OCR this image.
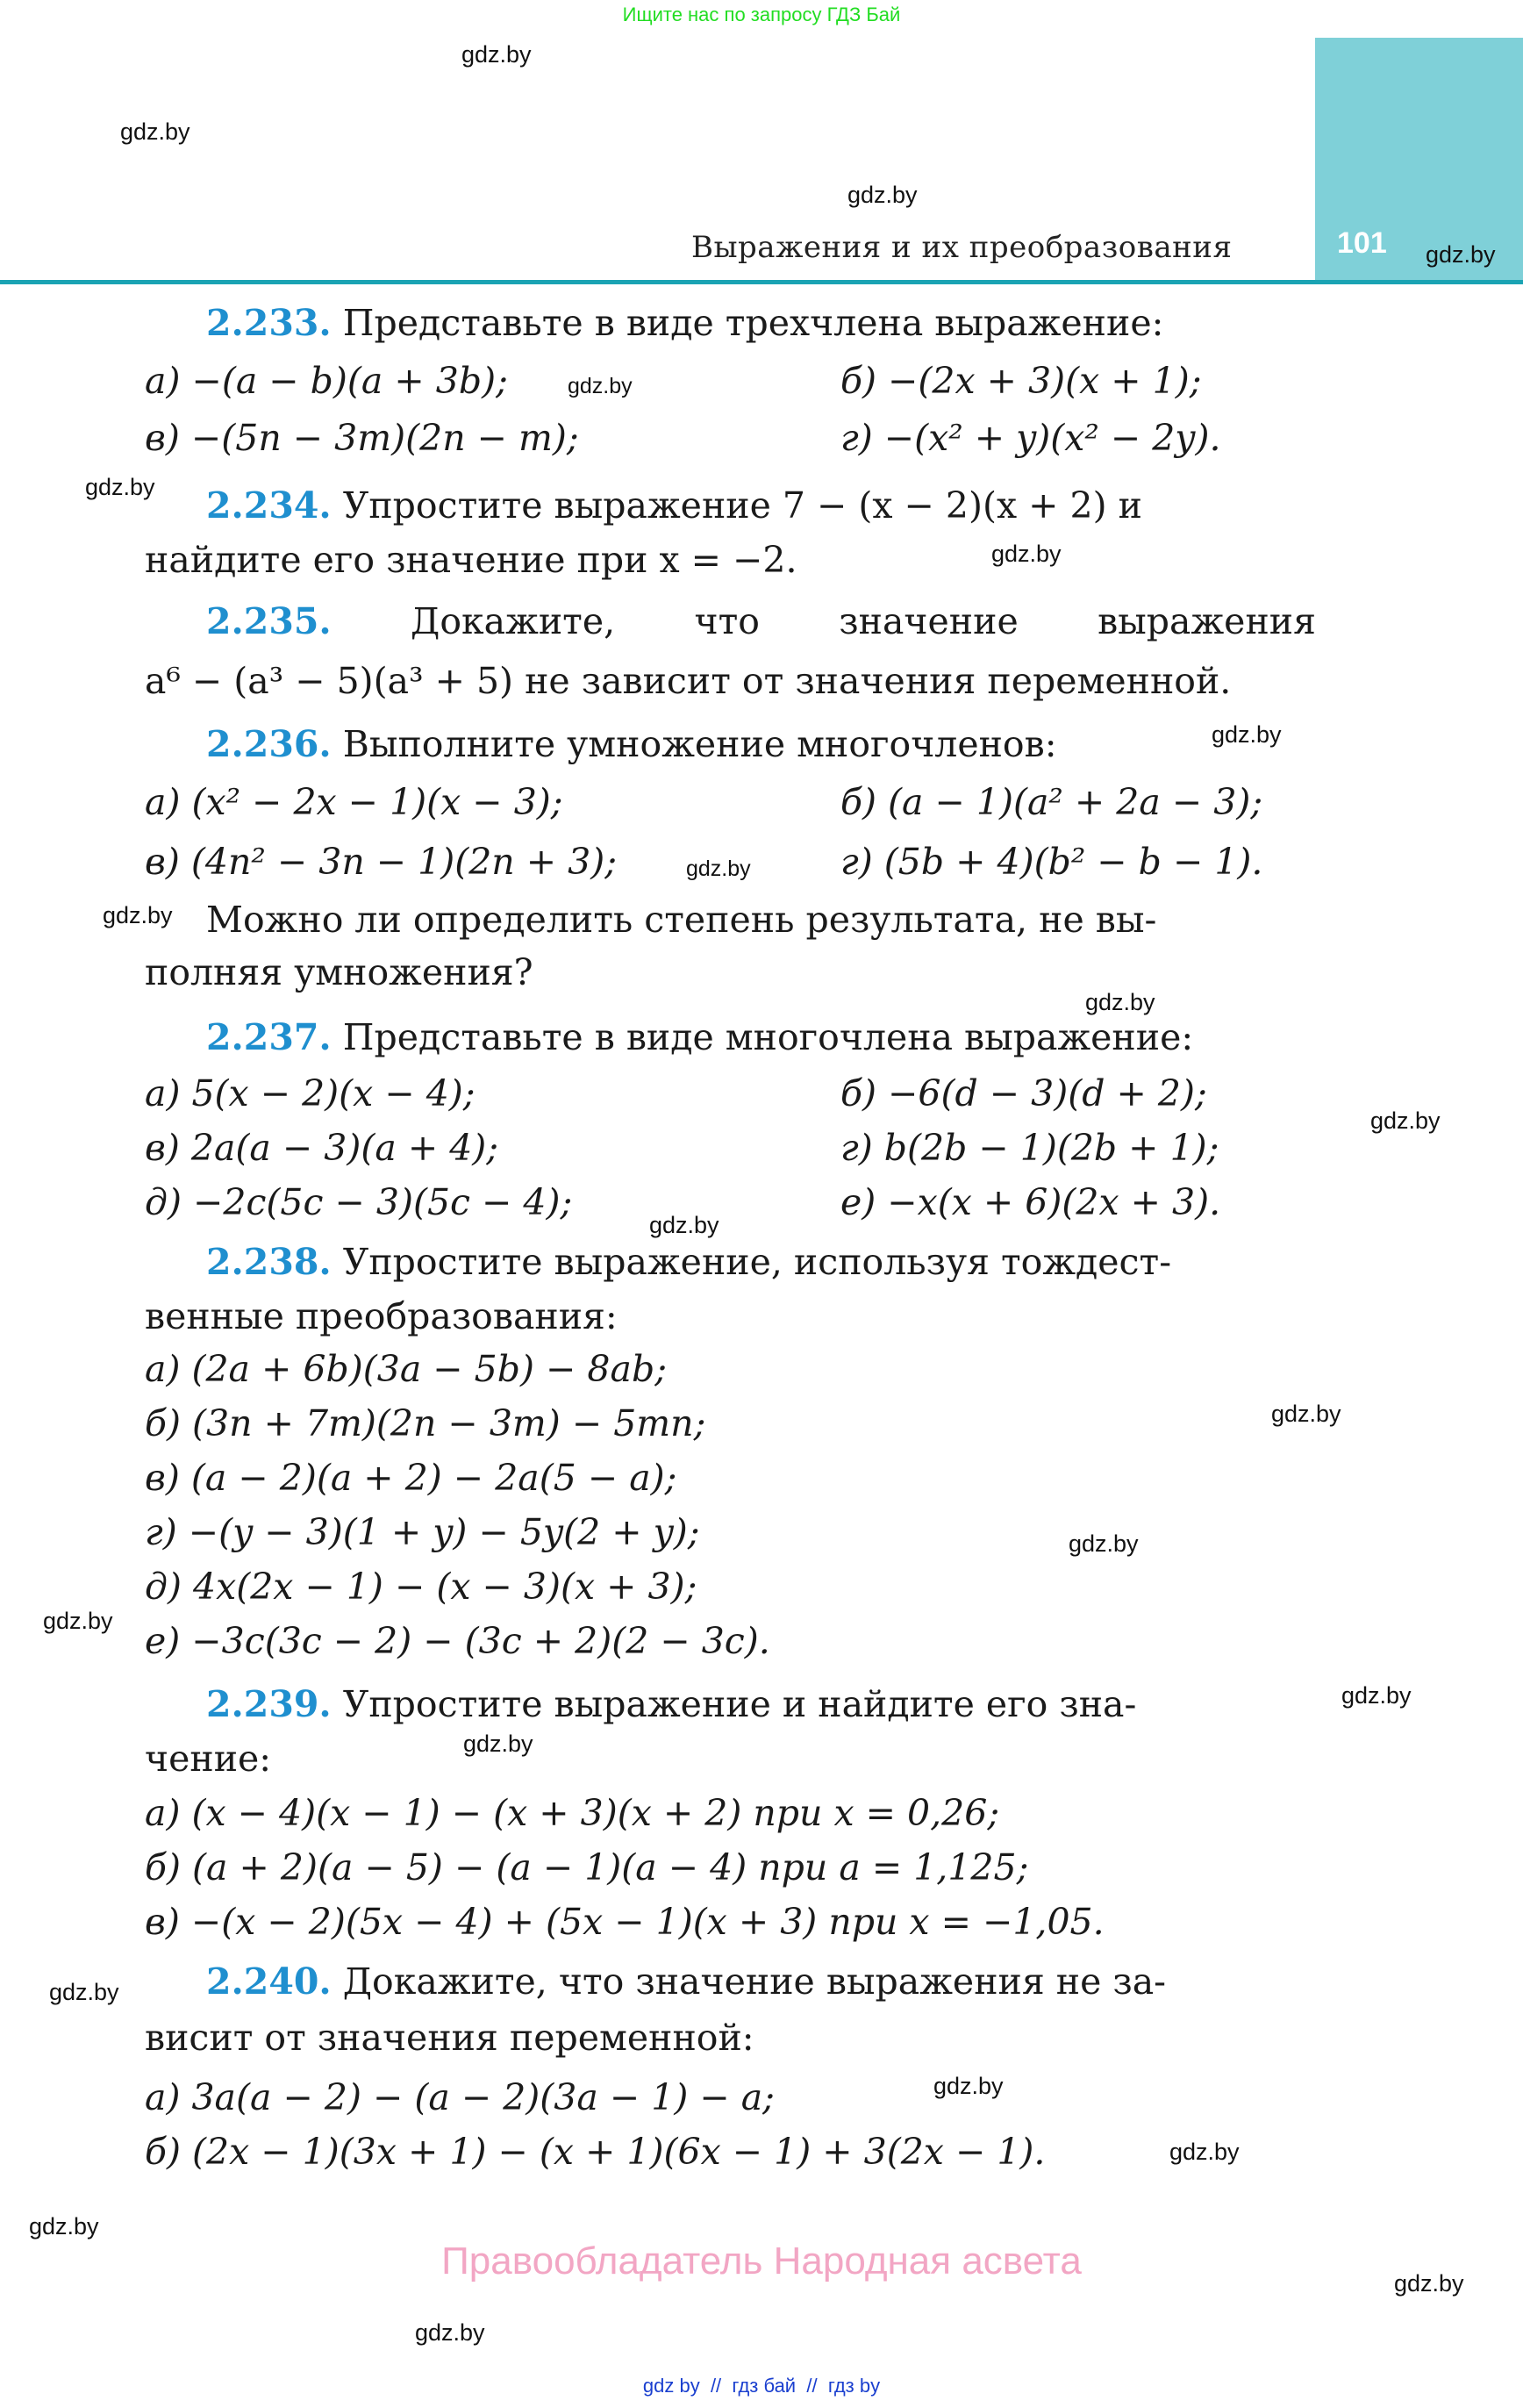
Ищите нас по запросу ГДЗ Бай
101
Выражения и их преобразования
gdz.by
gdz.by
gdz.by
gdz.by
gdz.by
gdz.by
gdz.by
gdz.by
gdz.by
gdz.by
gdz.by
gdz.by
gdz.by
gdz.by
gdz.by
gdz.by
gdz.by
gdz.by
gdz.by
gdz.by
gdz.by
gdz.by
gdz.by
gdz.by
2.233. Представьте в виде трехчлена выражение:
а) −(a − b)(a + 3b);	б) −(2x + 3)(x + 1);
в) −(5n − 3m)(2n − m);	г) −(x² + y)(x² − 2y).
2.234. Упростите выражение 7 − (x − 2)(x + 2) и
найдите его значение при x = −2.
2.235. Докажите, что значение выражения
a⁶ − (a³ − 5)(a³ + 5) не зависит от значения переменной.
2.236. Выполните умножение многочленов:
а) (x² − 2x − 1)(x − 3);	б) (a − 1)(a² + 2a − 3);
в) (4n² − 3n − 1)(2n + 3);	г) (5b + 4)(b² − b − 1).
Можно ли определить степень результата, не вы-
полняя умножения?
2.237. Представьте в виде многочлена выражение:
а) 5(x − 2)(x − 4);	б) −6(d − 3)(d + 2);
в) 2a(a − 3)(a + 4);	г) b(2b − 1)(2b + 1);
д) −2c(5c − 3)(5c − 4);	е) −x(x + 6)(2x + 3).
2.238. Упростите выражение, используя тождест-
венные преобразования:
а) (2a + 6b)(3a − 5b) − 8ab;
б) (3n + 7m)(2n − 3m) − 5mn;
в) (a − 2)(a + 2) − 2a(5 − a);
г) −(y − 3)(1 + y) − 5y(2 + y);
д) 4x(2x − 1) − (x − 3)(x + 3);
е) −3c(3c − 2) − (3c + 2)(2 − 3c).
2.239. Упростите выражение и найдите его зна-
чение:
а) (x − 4)(x − 1) − (x + 3)(x + 2) при x = 0,26;
б) (a + 2)(a − 5) − (a − 1)(a − 4) при a = 1,125;
в) −(x − 2)(5x − 4) + (5x − 1)(x + 3) при x = −1,05.
2.240. Докажите, что значение выражения не за-
висит от значения переменной:
а) 3a(a − 2) − (a − 2)(3a − 1) − a;
б) (2x − 1)(3x + 1) − (x + 1)(6x − 1) + 3(2x − 1).
Правообладатель Народная асвета
gdz by // гдз бай // гдз by
